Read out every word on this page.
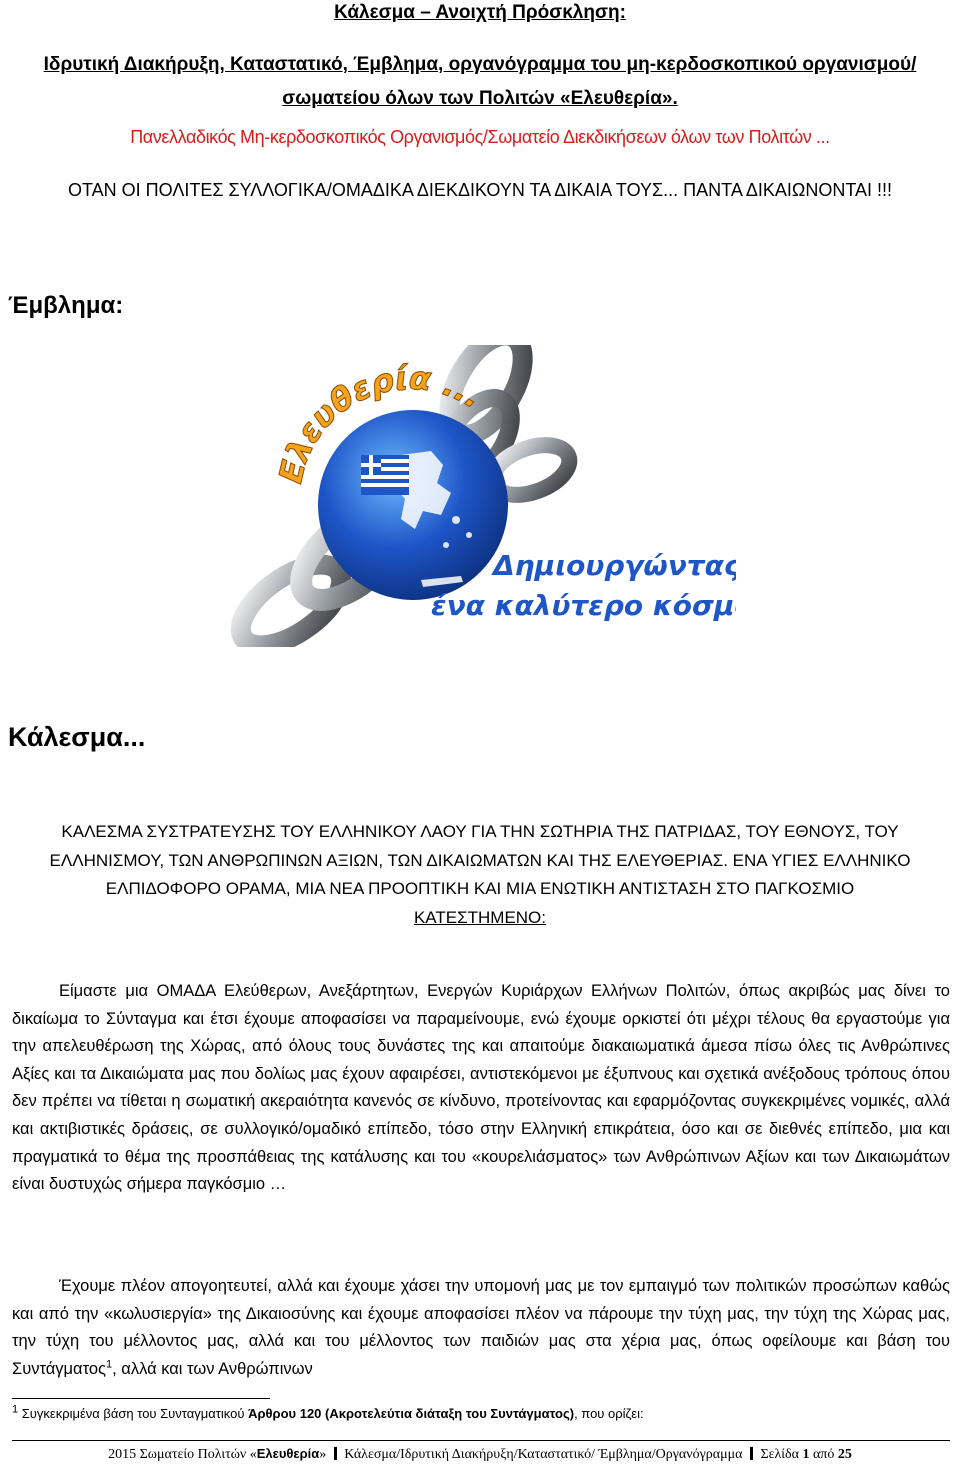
Κάλεσμα – Ανοιχτή Πρόσκληση:
Ιδρυτική Διακήρυξη, Καταστατικό, Έμβλημα, οργανόγραμμα του μη-κερδοσκοπικού οργανισμού/σωματείου όλων των Πολιτών «Ελευθερία».
Πανελλαδικός Μη-κερδοσκοπικός Οργανισμός/Σωματείο Διεκδικήσεων όλων των Πολιτών ...
ΟΤΑΝ ΟΙ ΠΟΛΙΤΕΣ ΣΥΛΛΟΓΙΚΑ/ΟΜΑΔΙΚΑ ΔΙΕΚΔΙΚΟΥΝ ΤΑ ΔΙΚΑΙΑ ΤΟΥΣ... ΠΑΝΤΑ ΔΙΚΑΙΩΝΟΝΤΑΙ !!!
Έμβλημα:
Ελευθερία ...
Δημιουργώντας
ένα καλύτερο κόσμ
Κάλεσμα...
ΚΑΛΕΣΜΑ ΣΥΣΤΡΑΤΕΥΣΗΣ ΤΟΥ ΕΛΛΗΝΙΚΟΥ ΛΑΟΥ ΓΙΑ ΤΗΝ ΣΩΤΗΡΙΑ ΤΗΣ ΠΑΤΡΙΔΑΣ, ΤΟΥ ΕΘΝΟΥΣ, ΤΟΥ ΕΛΛΗΝΙΣΜΟΥ, ΤΩΝ ΑΝΘΡΩΠΙΝΩΝ ΑΞΙΩΝ, ΤΩΝ ΔΙΚΑΙΩΜΑΤΩΝ ΚΑΙ ΤΗΣ ΕΛΕΥΘΕΡΙΑΣ. ΕΝΑ ΥΓΙΕΣ ΕΛΛΗΝΙΚΟ ΕΛΠΙΔΟΦΟΡΟ ΟΡΑΜΑ, ΜΙΑ ΝΕΑ ΠΡΟΟΠΤΙΚΗ ΚΑΙ ΜΙΑ ΕΝΩΤΙΚΗ ΑΝΤΙΣΤΑΣΗ ΣΤΟ ΠΑΓΚΟΣΜΙΟ
ΚΑΤΕΣΤΗΜΕΝΟ:
Είμαστε μια ΟΜΑΔΑ Ελεύθερων, Ανεξάρτητων, Ενεργών Κυριάρχων Ελλήνων Πολιτών, όπως ακριβώς μας δίνει το δικαίωμα το Σύνταγμα και έτσι έχουμε αποφασίσει να παραμείνουμε, ενώ έχουμε ορκιστεί ότι μέχρι τέλους θα εργαστούμε για την απελευθέρωση της Χώρας, από όλους τους δυνάστες της και απαιτούμε διακαιωματικά άμεσα πίσω όλες τις Ανθρώπινες Αξίες και τα Δικαιώματα μας που δολίως μας έχουν αφαιρέσει, αντιστεκόμενοι με έξυπνους και σχετικά ανέξοδους τρόπους όπου δεν πρέπει να τίθεται η σωματική ακεραιότητα κανενός σε κίνδυνο, προτείνοντας και εφαρμόζοντας συγκεκριμένες νομικές, αλλά και ακτιβιστικές δράσεις, σε συλλογικό/ομαδικό επίπεδο, τόσο στην Ελληνική επικράτεια, όσο και σε διεθνές επίπεδο, μια και πραγματικά το θέμα της προσπάθειας της κατάλυσης και του «κουρελιάσματος» των Ανθρώπινων Αξίων και των Δικαιωμάτων είναι δυστυχώς σήμερα παγκόσμιο …
Έχουμε πλέον απογοητευτεί, αλλά και έχουμε χάσει την υπομονή μας με τον εμπαιγμό των πολιτικών προσώπων καθώς και από την «κωλυσιεργία» της Δικαιοσύνης και έχουμε αποφασίσει πλέον να πάρουμε την τύχη μας, την τύχη της Χώρας μας, την τύχη του μέλλοντος μας, αλλά και του μέλλοντος των παιδιών μας στα χέρια μας, όπως οφείλουμε και βάση του Συντάγματος$^1$, αλλά και των Ανθρώπινων
$^1$ Συγκεκριμένα βάση του Συνταγματικού Άρθρου 120 (Ακροτελεύτια διάταξη του Συντάγματος), που ορίζει:
2015 Σωματείο Πολιτών «Ελευθερία» Κάλεσμα/Ιδρυτική Διακήρυξη/Καταστατικό/ Έμβλημα/Οργανόγραμμα Σελίδα 1 από 25
